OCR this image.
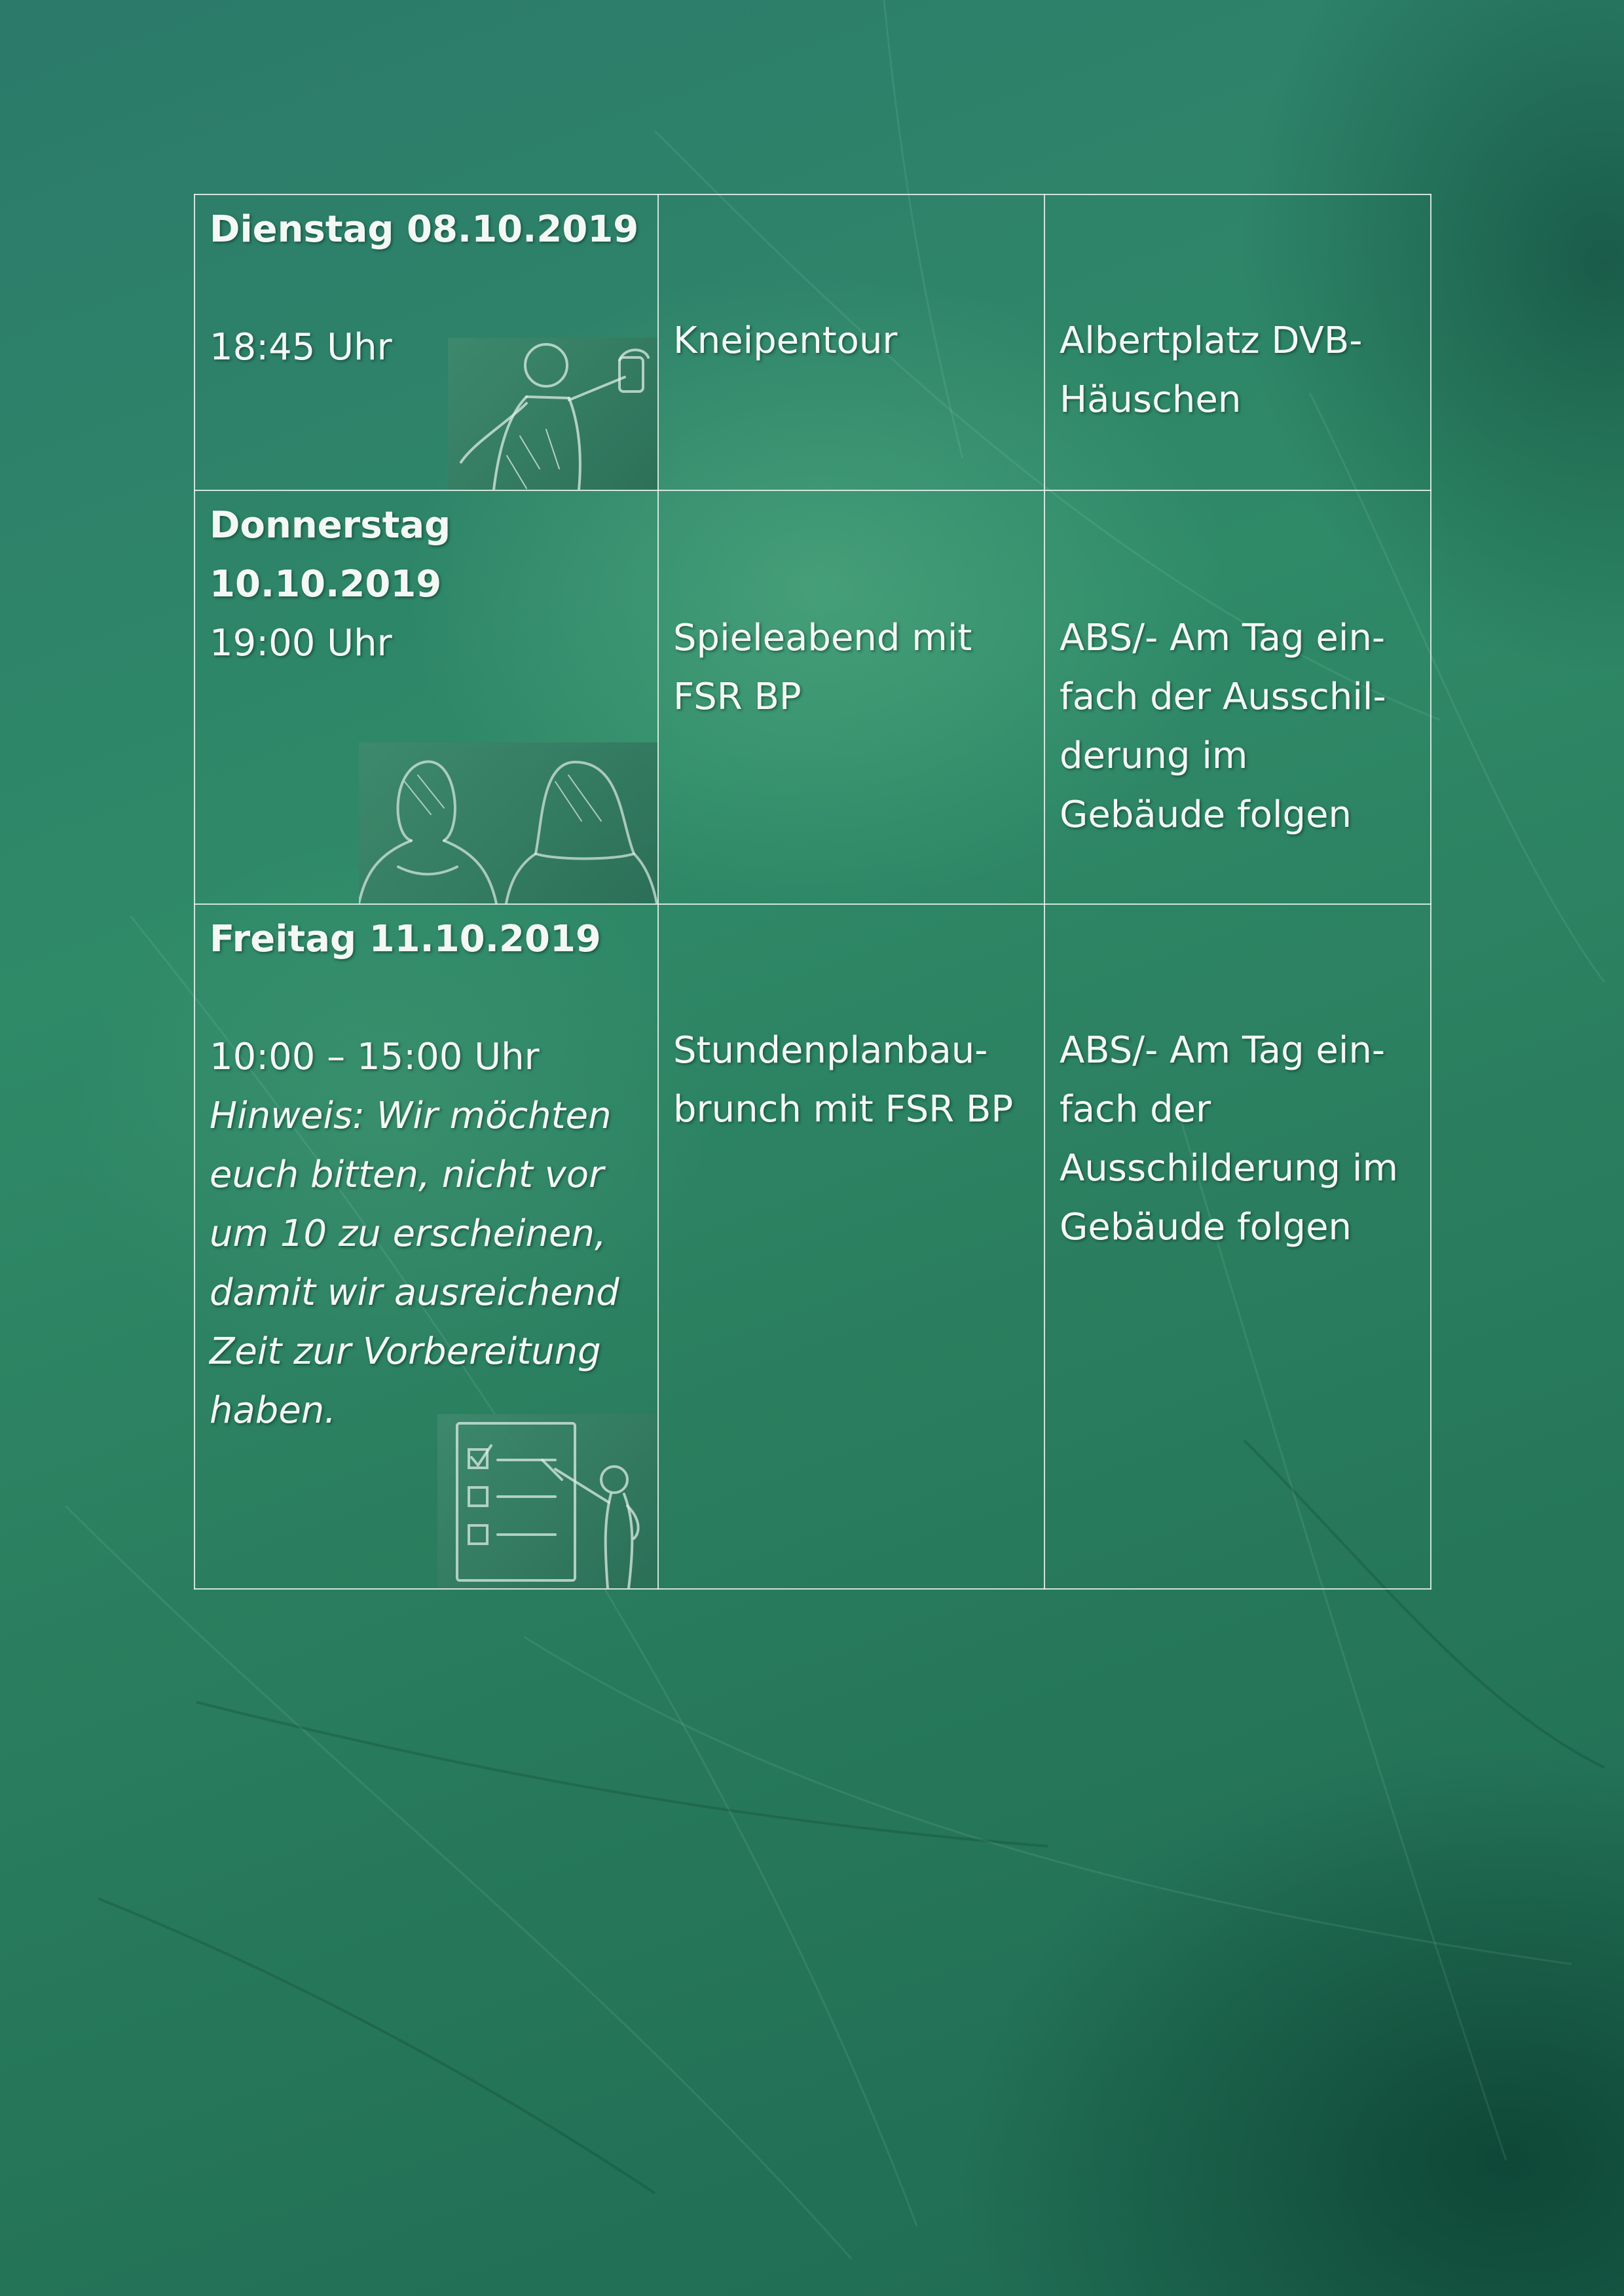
Dienstag 08.10.2019
18:45 Uhr	Kneipentour	Albertplatz DVB-Häuschen

Donnerstag 10.10.2019
19:00 Uhr	Spieleabend mit FSR BP	ABS/- Am Tag ein-fach der Ausschil-derung im Gebäude folgen

Freitag 11.10.2019
10:00 – 15:00 Uhr
Hinweis: Wir möchten euch bitten, nicht vor um 10 zu erscheinen, damit wir ausreichend Zeit zur Vorbereitung haben.	Stundenplanbau-brunch mit FSR BP	ABS/- Am Tag ein-fach der Ausschilderung im Gebäude folgen
